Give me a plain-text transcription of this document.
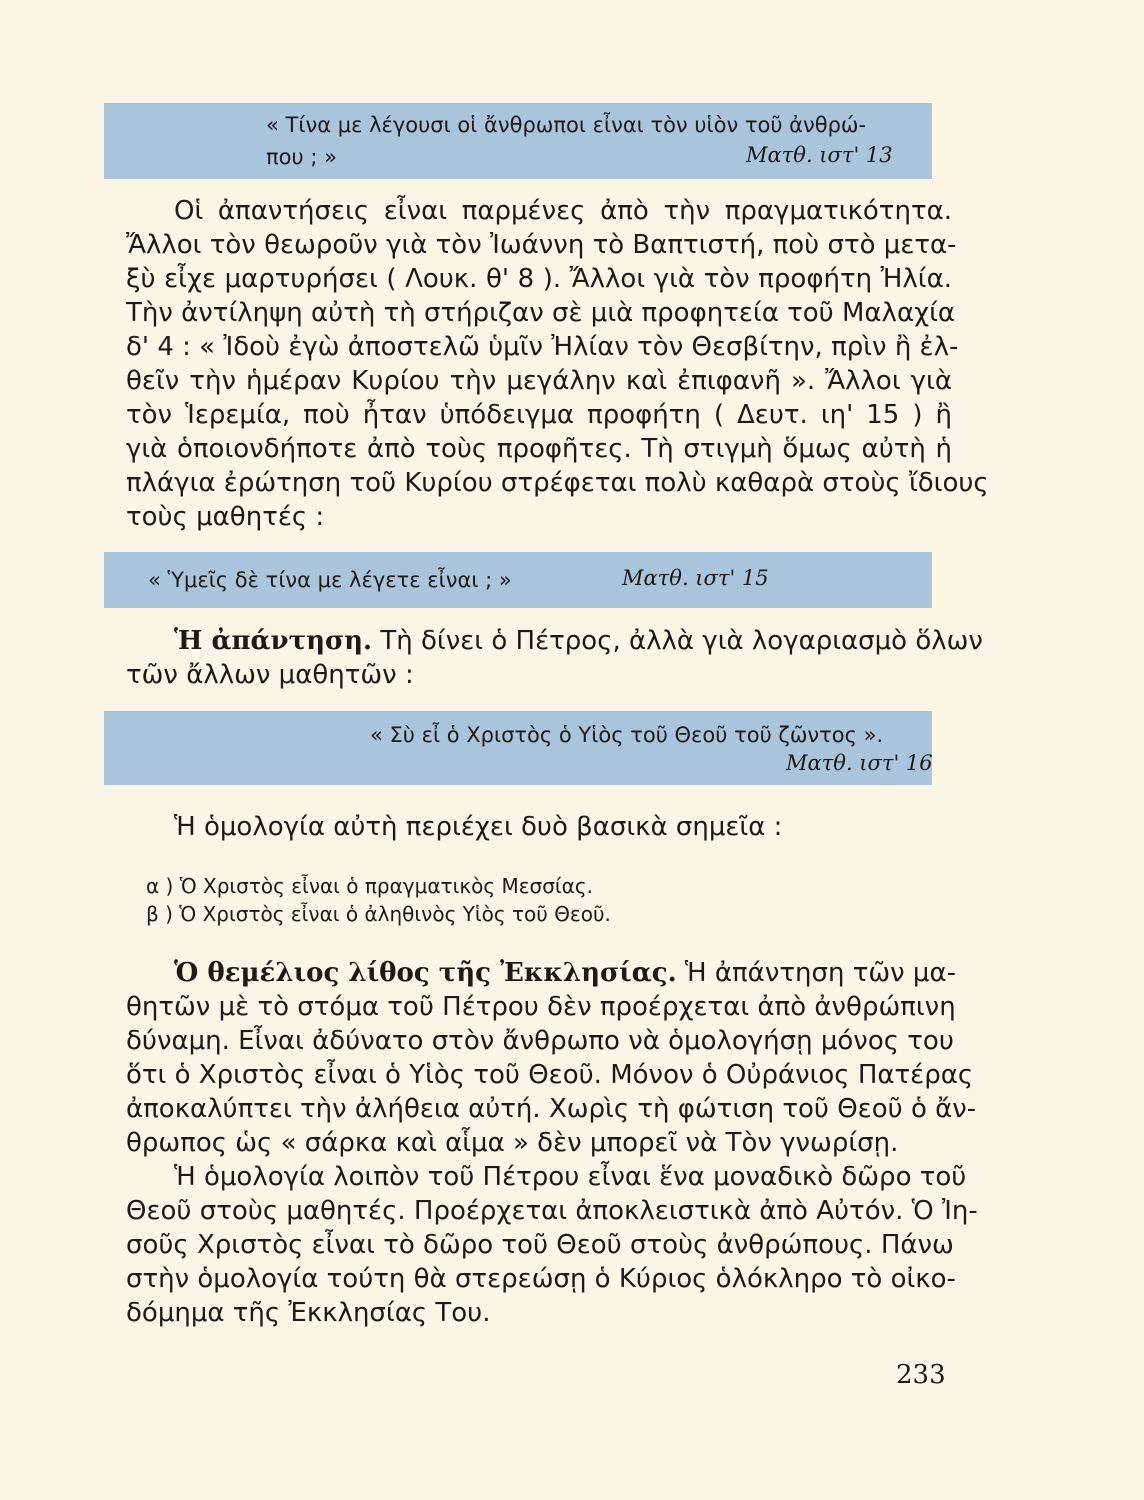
« Τίνα με λέγουσι οἱ ἄνθρωποι εἶναι τὸν υἱὸν τοῦ ἀνθρώ-
που ; »	Ματθ. ιστ' 13
Οἱ ἀπαντήσεις εἶναι παρμένες ἀπὸ τὴν πραγματικότητα.
Ἄλλοι τὸν θεωροῦν γιὰ τὸν Ἰωάννη τὸ Βαπτιστή, ποὺ στὸ μετα-
ξὺ εἶχε μαρτυρήσει ( Λουκ. θ' 8 ). Ἄλλοι γιὰ τὸν προφήτη Ἠλία.
Τὴν ἀντίληψη αὐτὴ τὴ στήριζαν σὲ μιὰ προφητεία τοῦ Μαλαχία
δ' 4 : « Ἰδοὺ ἐγὼ ἀποστελῶ ὑμῖν Ἠλίαν τὸν Θεσβίτην, πρὶν ἢ ἐλ-
θεῖν τὴν ἡμέραν Κυρίου τὴν μεγάλην καὶ ἐπιφανῆ ». Ἄλλοι γιὰ
τὸν Ἱερεμία, ποὺ ἦταν ὑπόδειγμα προφήτη ( Δευτ. ιη' 15 ) ἢ
γιὰ ὁποιονδήποτε ἀπὸ τοὺς προφῆτες. Τὴ στιγμὴ ὅμως αὐτὴ ἡ
πλάγια ἐρώτηση τοῦ Κυρίου στρέφεται πολὺ καθαρὰ στοὺς ἴδιους
τοὺς μαθητές :
« Ὑμεῖς δὲ τίνα με λέγετε εἶναι ; »	Ματθ. ιστ' 15
Ἡ ἀπάντηση. Τὴ δίνει ὁ Πέτρος, ἀλλὰ γιὰ λογαριασμὸ ὅλων
τῶν ἄλλων μαθητῶν :
« Σὺ εἶ ὁ Χριστὸς ὁ Υἱὸς τοῦ Θεοῦ τοῦ ζῶντος ».
Ματθ. ιστ' 16
Ἡ ὁμολογία αὐτὴ περιέχει δυὸ βασικὰ σημεῖα :
α ) Ὁ Χριστὸς εἶναι ὁ πραγματικὸς Μεσσίας.
β ) Ὁ Χριστὸς εἶναι ὁ ἀληθινὸς Υἱὸς τοῦ Θεοῦ.
Ὁ θεμέλιος λίθος τῆς Ἐκκλησίας. Ἡ ἀπάντηση τῶν μα-
θητῶν μὲ τὸ στόμα τοῦ Πέτρου δὲν προέρχεται ἀπὸ ἀνθρώπινη
δύναμη. Εἶναι ἀδύνατο στὸν ἄνθρωπο νὰ ὁμολογήσῃ μόνος του
ὅτι ὁ Χριστὸς εἶναι ὁ Υἱὸς τοῦ Θεοῦ. Μόνον ὁ Οὐράνιος Πατέρας
ἀποκαλύπτει τὴν ἀλήθεια αὐτή. Χωρὶς τὴ φώτιση τοῦ Θεοῦ ὁ ἄν-
θρωπος ὡς « σάρκα καὶ αἷμα » δὲν μπορεῖ νὰ Τὸν γνωρίσῃ.
Ἡ ὁμολογία λοιπὸν τοῦ Πέτρου εἶναι ἕνα μοναδικὸ δῶρο τοῦ
Θεοῦ στοὺς μαθητές. Προέρχεται ἀποκλειστικὰ ἀπὸ Αὐτόν. Ὁ Ἰη-
σοῦς Χριστὸς εἶναι τὸ δῶρο τοῦ Θεοῦ στοὺς ἀνθρώπους. Πάνω
στὴν ὁμολογία τούτη θὰ στερεώσῃ ὁ Κύριος ὁλόκληρο τὸ οἰκο-
δόμημα τῆς Ἐκκλησίας Του.
233
